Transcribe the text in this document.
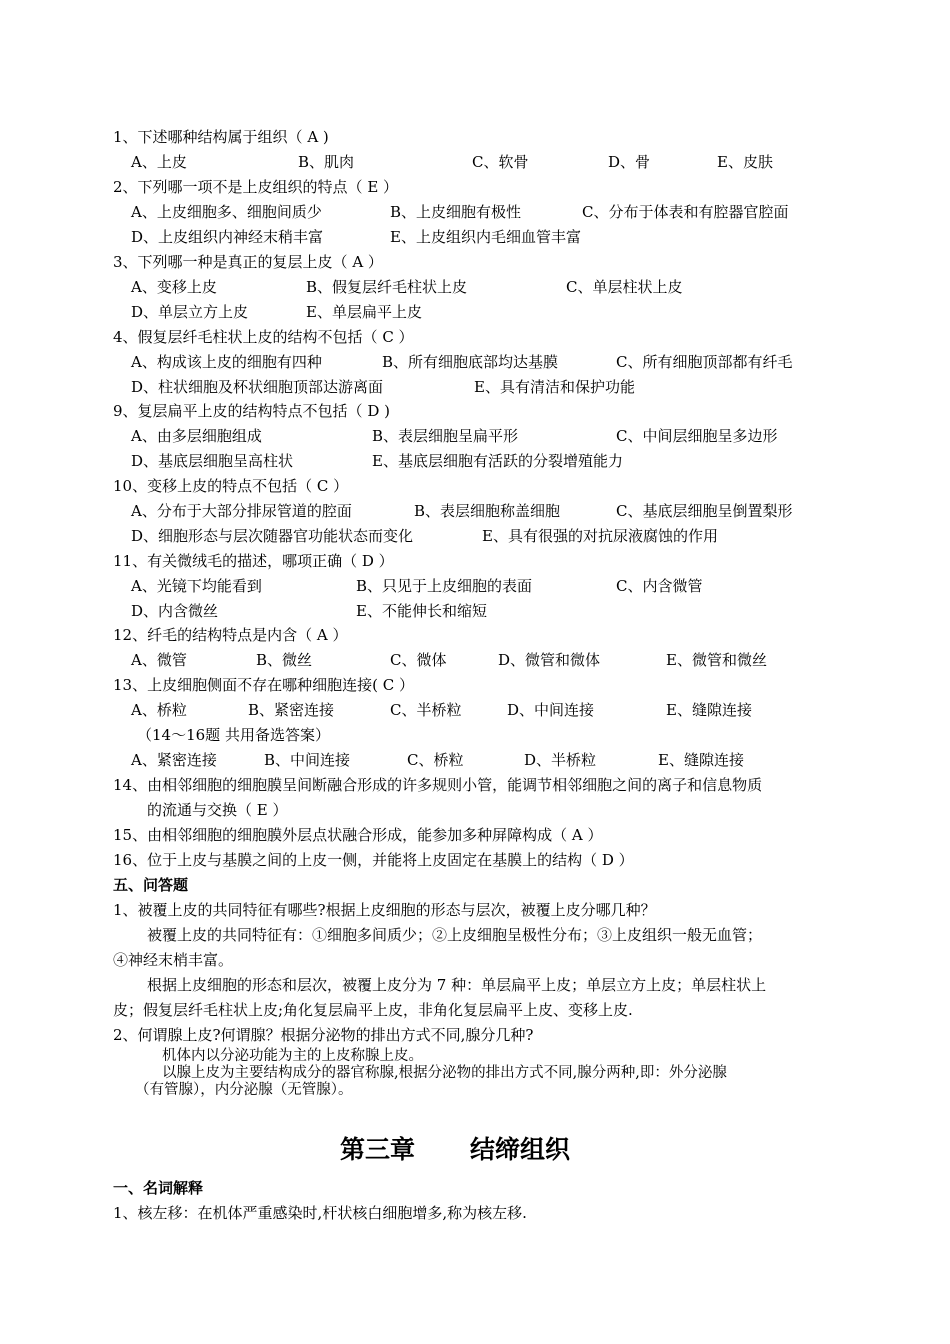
1、下述哪种结构属于组织（ A )
A、上皮	B、肌肉	C、软骨	D、骨	E、皮肤
2、下列哪一项不是上皮组织的特点（ E ）
A、上皮细胞多、细胞间质少	B、上皮细胞有极性	C、分布于体表和有腔器官腔面
D、上皮组织内神经末稍丰富	E、上皮组织内毛细血管丰富
3、下列哪一种是真正的复层上皮（ A ）
A、变移上皮	B、假复层纤毛柱状上皮	C、单层柱状上皮
D、单层立方上皮	E、单层扁平上皮
4、假复层纤毛柱状上皮的结构不包括（ C ）
A、构成该上皮的细胞有四种	B、所有细胞底部均达基膜	C、所有细胞顶部都有纤毛
D、柱状细胞及杯状细胞顶部达游离面	E、具有清洁和保护功能
9、复层扁平上皮的结构特点不包括（ D )
A、由多层细胞组成	B、表层细胞呈扁平形	C、中间层细胞呈多边形
D、基底层细胞呈高柱状	E、基底层细胞有活跃的分裂增殖能力
10、变移上皮的特点不包括（ C ）
A、分布于大部分排尿管道的腔面	B、表层细胞称盖细胞	C、基底层细胞呈倒置梨形
D、细胞形态与层次随器官功能状态而变化	E、具有很强的对抗尿液腐蚀的作用
11、有关微绒毛的描述，哪项正确（ D ）
A、光镜下均能看到	B、只见于上皮细胞的表面	C、内含微管
D、内含微丝	E、不能伸长和缩短
12、纤毛的结构特点是内含（ A ）
A、微管	B、微丝	C、微体	D、微管和微体	E、微管和微丝
13、上皮细胞侧面不存在哪种细胞连接( C ）
A、桥粒	B、紧密连接	C、半桥粒	D、中间连接	E、缝隙连接
（14～16题 共用备选答案）
A、紧密连接	B、中间连接	C、桥粒	D、半桥粒	E、缝隙连接
14、由相邻细胞的细胞膜呈间断融合形成的许多规则小管，能调节相邻细胞之间的离子和信息物质
的流通与交换（ E ）
15、由相邻细胞的细胞膜外层点状融合形成，能参加多种屏障构成（ A ）
16、位于上皮与基膜之间的上皮一侧，并能将上皮固定在基膜上的结构（ D ）
五、问答题
1、被覆上皮的共同特征有哪些?根据上皮细胞的形态与层次，被覆上皮分哪几种？
被覆上皮的共同特征有：①细胞多间质少；②上皮细胞呈极性分布；③上皮组织一般无血管；
④神经末梢丰富。
根据上皮细胞的形态和层次，被覆上皮分为 7 种：单层扁平上皮；单层立方上皮；单层柱状上
皮；假复层纤毛柱状上皮;角化复层扁平上皮，非角化复层扁平上皮、变移上皮.
2、何谓腺上皮?何谓腺？根据分泌物的排出方式不同,腺分几种?
机体内以分泌功能为主的上皮称腺上皮。
以腺上皮为主要结构成分的器官称腺,根据分泌物的排出方式不同,腺分两种,即：外分泌腺
（有管腺），内分泌腺（无管腺）。
第三章 结缔组织
一、名词解释
1、核左移：在机体严重感染时,杆状核白细胞增多,称为核左移.
